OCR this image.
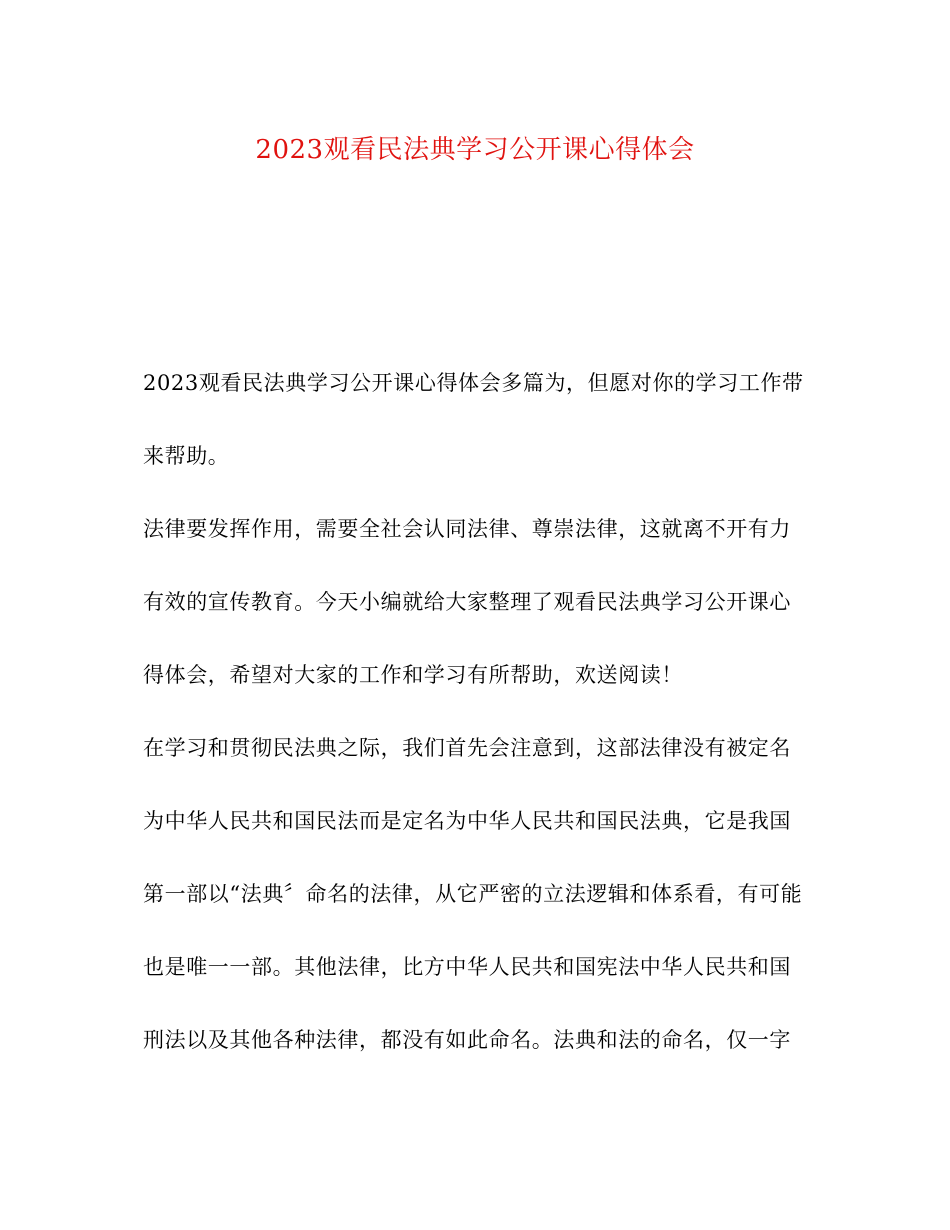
2023观看民法典学习公开课心得体会
2023观看民法典学习公开课心得体会多篇为，但愿对你的学习工作带
来帮助。
法律要发挥作用，需要全社会认同法律、尊崇法律，这就离不开有力
有效的宣传教育。今天小编就给大家整理了观看民法典学习公开课心
得体会，希望对大家的工作和学习有所帮助，欢送阅读！
在学习和贯彻民法典之际，我们首先会注意到，这部法律没有被定名
为中华人民共和国民法而是定名为中华人民共和国民法典，它是我国
第一部以“法典〞命名的法律，从它严密的立法逻辑和体系看，有可能
也是唯一一部。其他法律，比方中华人民共和国宪法中华人民共和国
刑法以及其他各种法律，都没有如此命名。法典和法的命名，仅一字
